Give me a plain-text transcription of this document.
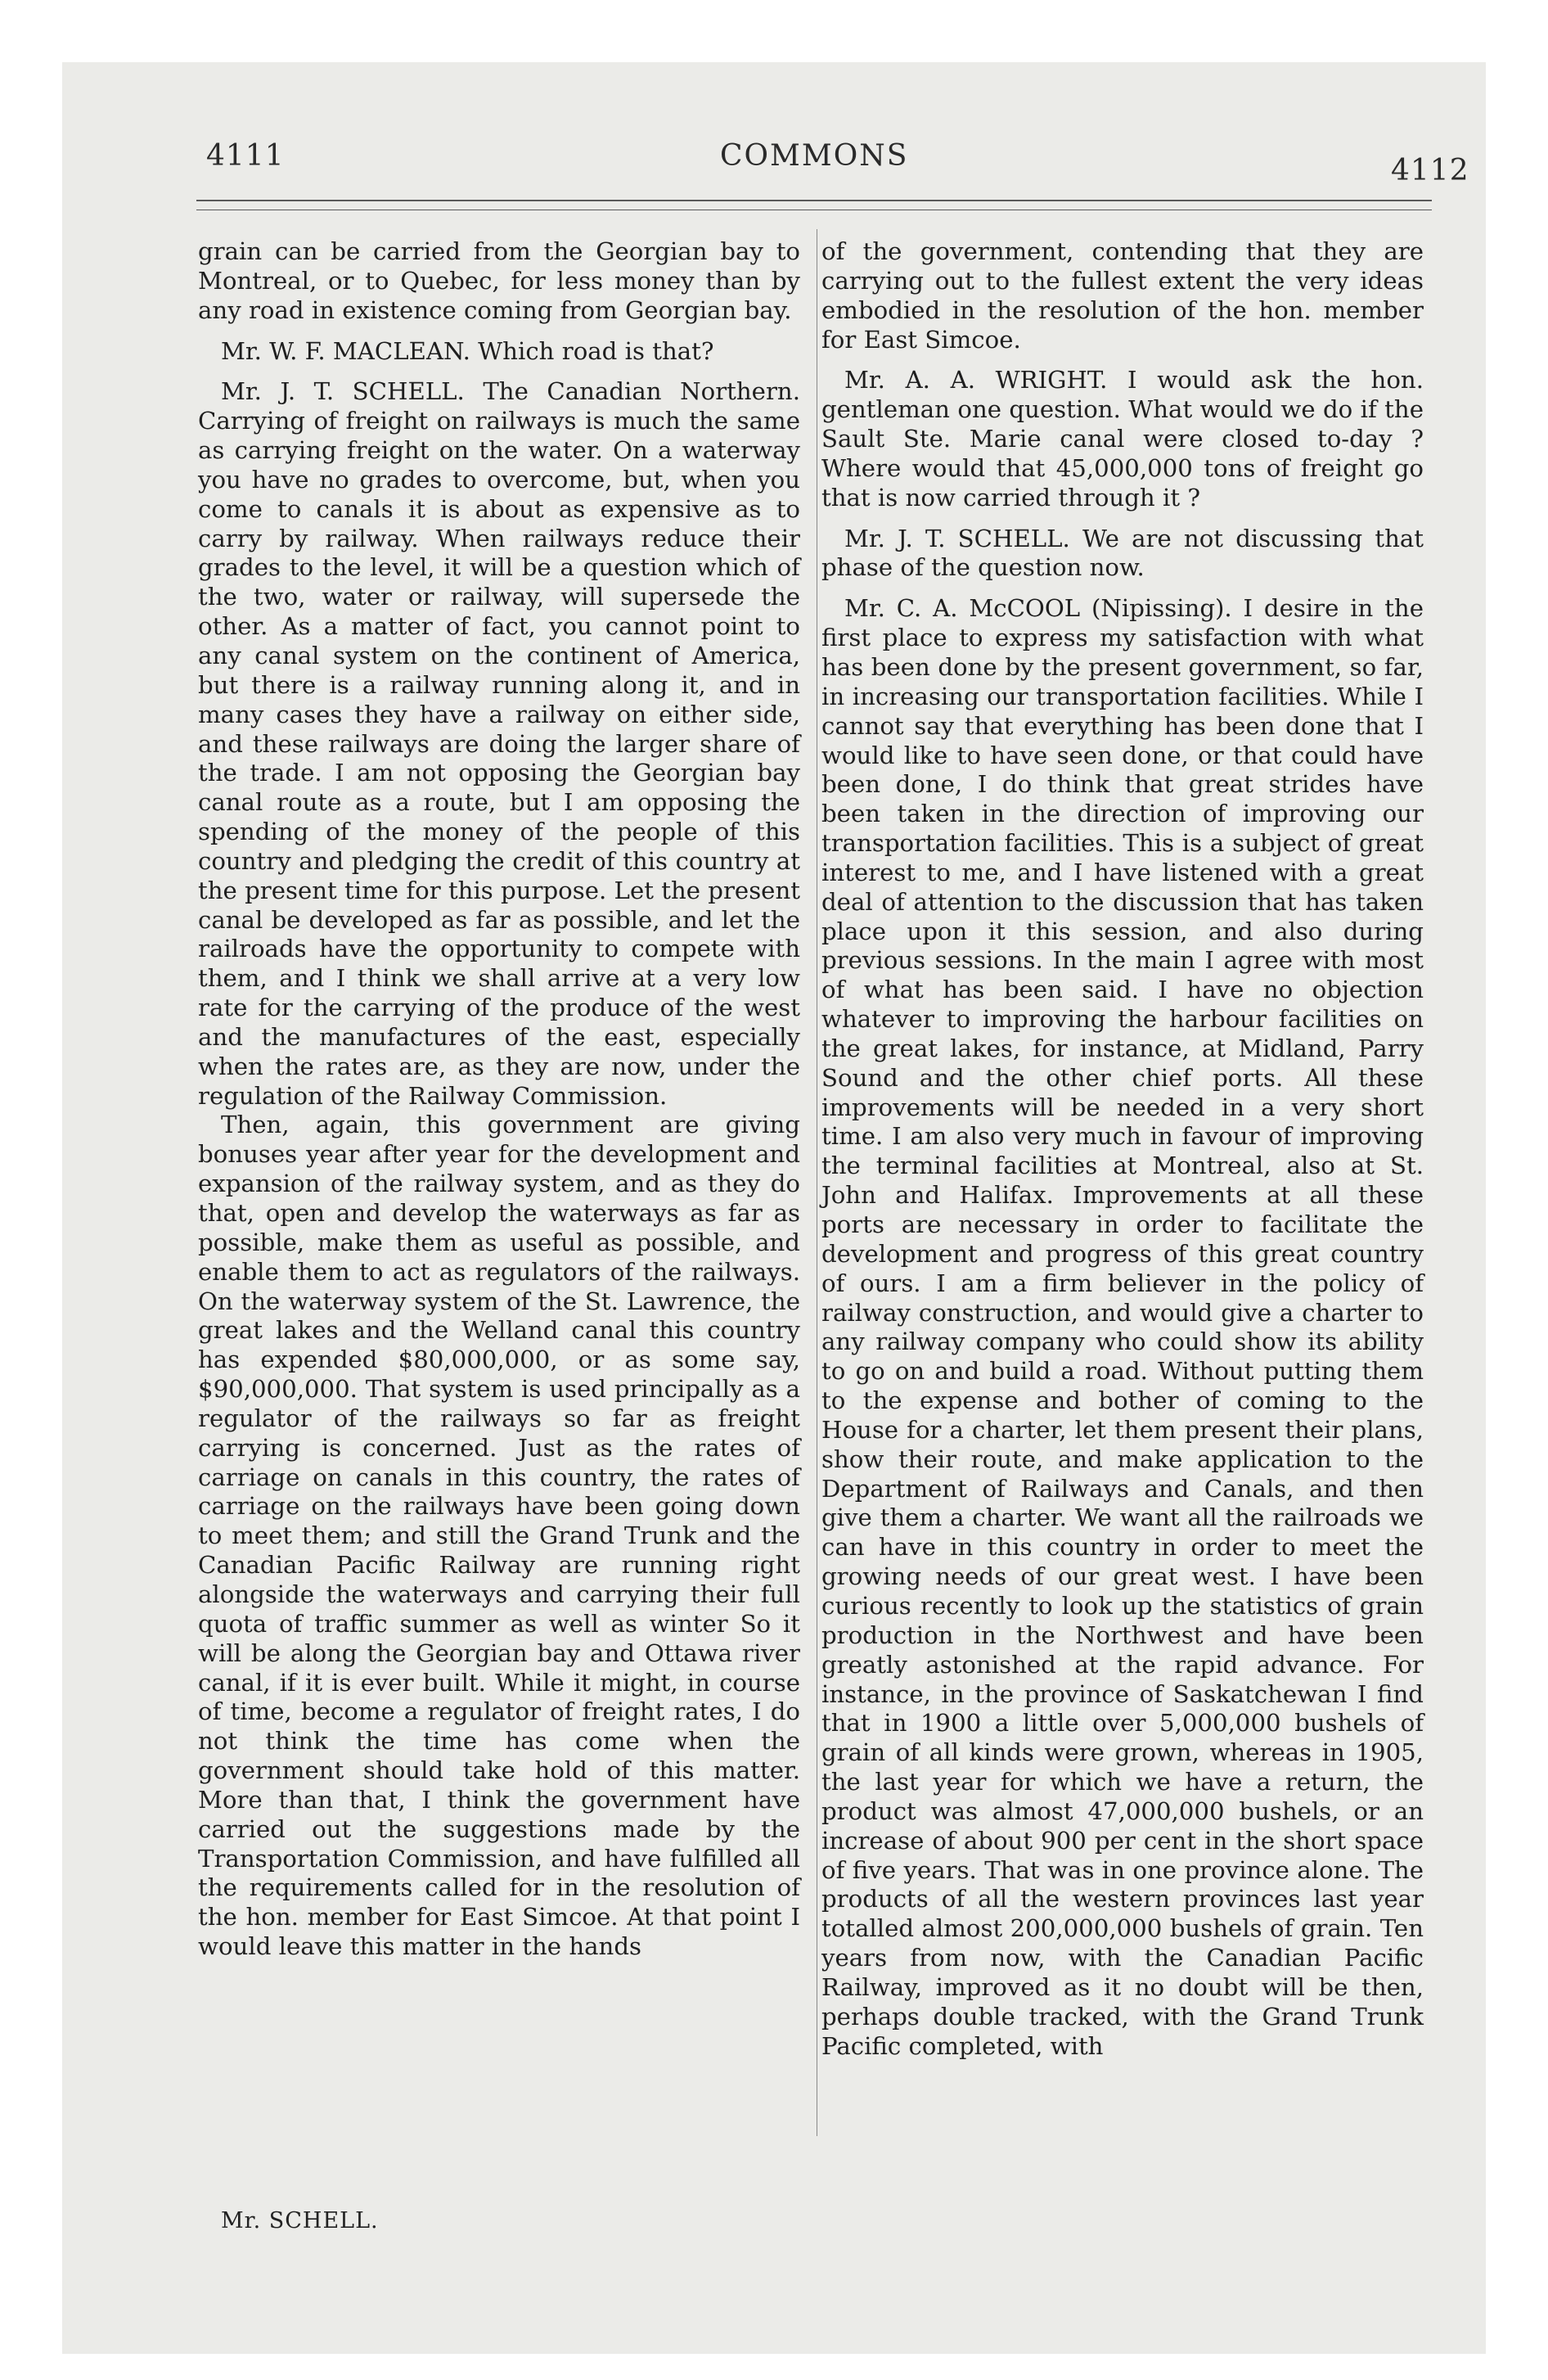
4111	COMMONS	4112

grain can be carried from the Georgian bay to Montreal, or to Quebec, for less money than by any road in existence coming from Georgian bay.

Mr. W. F. MACLEAN. Which road is that?

Mr. J. T. SCHELL. The Canadian Northern. Carrying of freight on railways is much the same as carrying freight on the water. On a waterway you have no grades to overcome, but, when you come to canals it is about as expensive as to carry by railway. When railways reduce their grades to the level, it will be a question which of the two, water or railway, will supersede the other. As a matter of fact, you cannot point to any canal system on the continent of America, but there is a railway running along it, and in many cases they have a railway on either side, and these railways are doing the larger share of the trade. I am not opposing the Georgian bay canal route as a route, but I am opposing the spending of the money of the people of this country and pledging the credit of this country at the present time for this purpose. Let the present canal be developed as far as possible, and let the railroads have the opportunity to compete with them, and I think we shall arrive at a very low rate for the carrying of the produce of the west and the manufactures of the east, especially when the rates are, as they are now, under the regulation of the Railway Commission.

Then, again, this government are giving bonuses year after year for the development and expansion of the railway system, and as they do that, open and develop the waterways as far as possible, make them as useful as possible, and enable them to act as regulators of the railways. On the waterway system of the St. Lawrence, the great lakes and the Welland canal this country has expended $80,000,000, or as some say, $90,000,000. That system is used principally as a regulator of the railways so far as freight carrying is concerned. Just as the rates of carriage on canals in this country, the rates of carriage on the railways have been going down to meet them; and still the Grand Trunk and the Canadian Pacific Railway are running right alongside the waterways and carrying their full quota of traffic summer as well as winter So it will be along the Georgian bay and Ottawa river canal, if it is ever built. While it might, in course of time, become a regulator of freight rates, I do not think the time has come when the government should take hold of this matter. More than that, I think the government have carried out the suggestions made by the Transportation Commission, and have fulfilled all the requirements called for in the resolution of the hon. member for East Simcoe. At that point I would leave this matter in the hands

of the government, contending that they are carrying out to the fullest extent the very ideas embodied in the resolution of the hon. member for East Simcoe.

Mr. A. A. WRIGHT. I would ask the hon. gentleman one question. What would we do if the Sault Ste. Marie canal were closed to-day ? Where would that 45,000,000 tons of freight go that is now carried through it ?

Mr. J. T. SCHELL. We are not discussing that phase of the question now.

Mr. C. A. McCOOL (Nipissing). I desire in the first place to express my satisfaction with what has been done by the present government, so far, in increasing our transportation facilities. While I cannot say that everything has been done that I would like to have seen done, or that could have been done, I do think that great strides have been taken in the direction of improving our transportation facilities. This is a subject of great interest to me, and I have listened with a great deal of attention to the discussion that has taken place upon it this session, and also during previous sessions. In the main I agree with most of what has been said. I have no objection whatever to improving the harbour facilities on the great lakes, for instance, at Midland, Parry Sound and the other chief ports. All these improvements will be needed in a very short time. I am also very much in favour of improving the terminal facilities at Montreal, also at St. John and Halifax. Improvements at all these ports are necessary in order to facilitate the development and progress of this great country of ours. I am a firm believer in the policy of railway construction, and would give a charter to any railway company who could show its ability to go on and build a road. Without putting them to the expense and bother of coming to the House for a charter, let them present their plans, show their route, and make application to the Department of Railways and Canals, and then give them a charter. We want all the railroads we can have in this country in order to meet the growing needs of our great west. I have been curious recently to look up the statistics of grain production in the Northwest and have been greatly astonished at the rapid advance. For instance, in the province of Saskatchewan I find that in 1900 a little over 5,000,000 bushels of grain of all kinds were grown, whereas in 1905, the last year for which we have a return, the product was almost 47,000,000 bushels, or an increase of about 900 per cent in the short space of five years. That was in one province alone. The products of all the western provinces last year totalled almost 200,000,000 bushels of grain. Ten years from now, with the Canadian Pacific Railway, improved as it no doubt will be then, perhaps double tracked, with the Grand Trunk Pacific completed, with

Mr. SCHELL.
